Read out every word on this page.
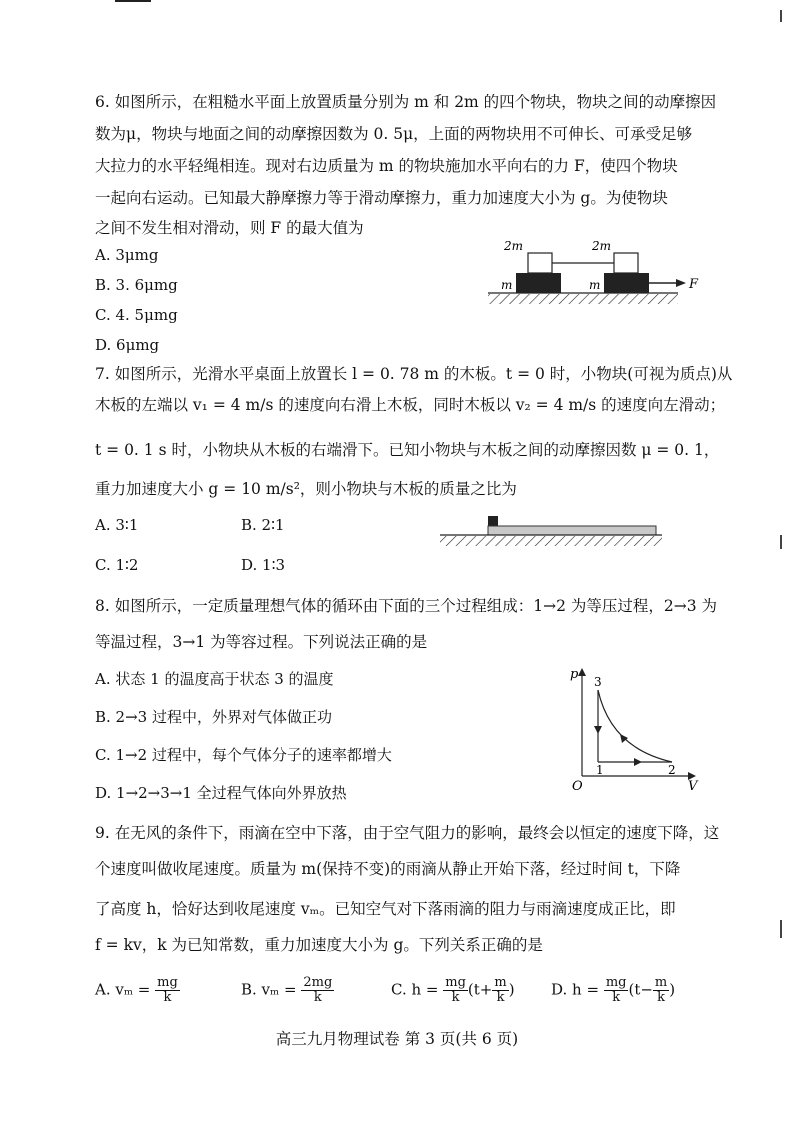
6. 如图所示，在粗糙水平面上放置质量分别为 m 和 2m 的四个物块，物块之间的动摩擦因
数为μ，物块与地面之间的动摩擦因数为 0. 5μ，上面的两物块用不可伸长、可承受足够
大拉力的水平轻绳相连。现对右边质量为 m 的物块施加水平向右的力 F，使四个物块
一起向右运动。已知最大静摩擦力等于滑动摩擦力，重力加速度大小为 g。为使物块
之间不发生相对滑动，则 F 的最大值为
A. 3μmg
B. 3. 6μmg
C. 4. 5μmg
D. 6μmg
2m	2m
m	m	F
7. 如图所示，光滑水平桌面上放置长 l = 0. 78 m 的木板。t = 0 时，小物块(可视为质点)从
木板的左端以 v₁ = 4 m/s 的速度向右滑上木板，同时木板以 v₂ = 4 m/s 的速度向左滑动；
t = 0. 1 s 时，小物块从木板的右端滑下。已知小物块与木板之间的动摩擦因数 μ = 0. 1，
重力加速度大小 g = 10 m/s²，则小物块与木板的质量之比为
A. 3∶1	B. 2∶1
C. 1∶2	D. 1∶3
8. 如图所示，一定质量理想气体的循环由下面的三个过程组成：1→2 为等压过程，2→3 为
等温过程，3→1 为等容过程。下列说法正确的是
A. 状态 1 的温度高于状态 3 的温度
B. 2→3 过程中，外界对气体做正功
C. 1→2 过程中，每个气体分子的速率都增大
D. 1→2→3→1 全过程气体向外界放热
p
V
O
3
1	2
9. 在无风的条件下，雨滴在空中下落，由于空气阻力的影响，最终会以恒定的速度下降，这
个速度叫做收尾速度。质量为 m(保持不变)的雨滴从静止开始下落，经过时间 t，下降
了高度 h，恰好达到收尾速度 vₘ。已知空气对下落雨滴的阻力与雨滴速度成正比，即
f = kv，k 为已知常数，重力加速度大小为 g。下列关系正确的是
A. $v_m = \frac{mg}{k}$	B. $v_m = \frac{2mg}{k}$	C. $h = \frac{mg}{k} (t+ \frac{m}{k}$ ) D. $h = \frac{mg}{k} (t- \frac{m}{k}$ )
高三九月物理试卷 第 3 页(共 6 页)
